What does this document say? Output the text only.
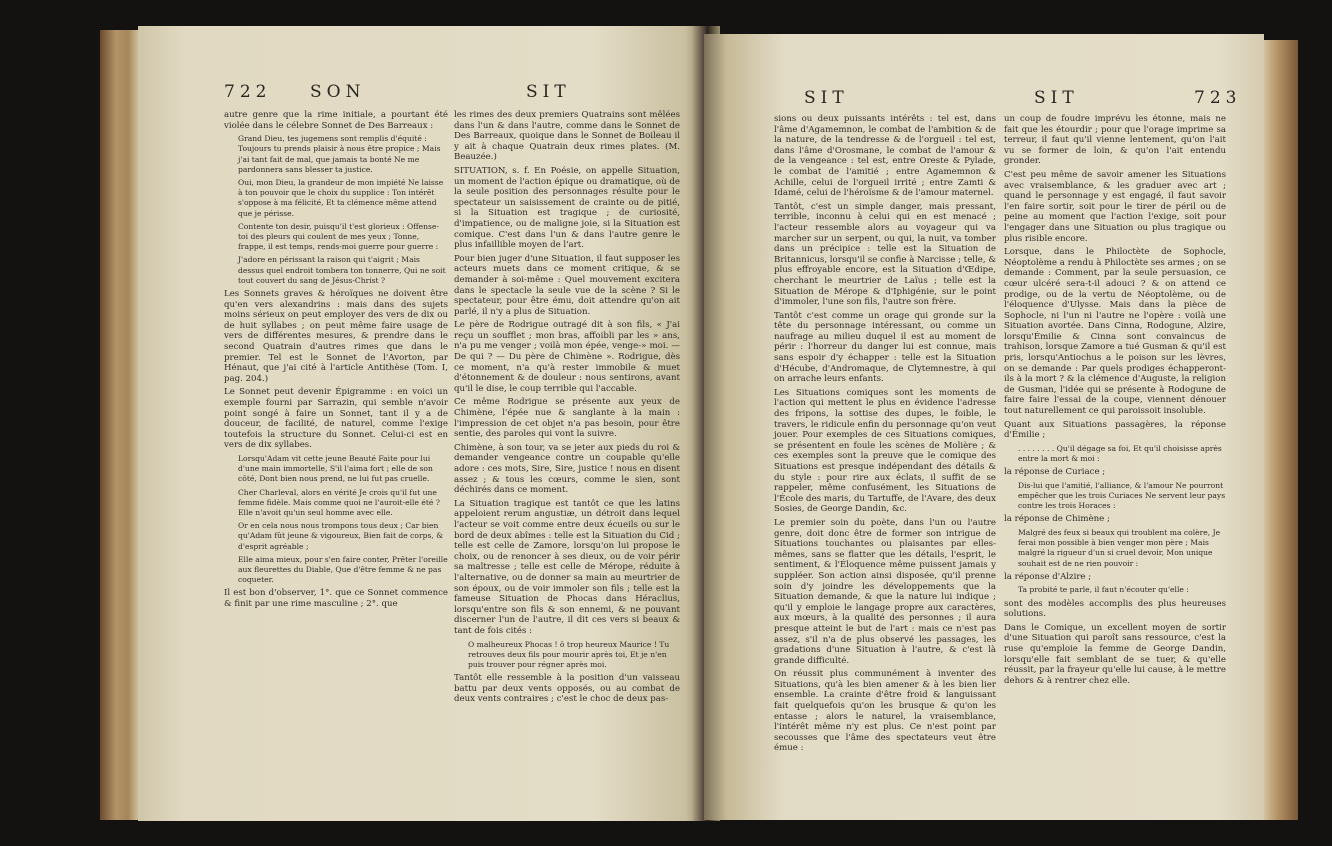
722 SON	SIT

autre genre que la rime initiale, a pourtant été violée dans le célebre Sonnet de Des Barreaux :

Grand Dieu, tes jugemens sont remplis d'équité : Toujours tu prends plaisir à nous être propice ; Mais j'ai tant fait de mal, que jamais ta bonté Ne me pardonnera sans blesser ta justice.

Oui, mon Dieu, la grandeur de mon impiété Ne laisse à ton pouvoir que le choix du supplice : Ton intérêt s'oppose à ma félicité, Et ta clémence même attend que je périsse.

Contente ton desir, puisqu'il t'est glorieux : Offense-toi des pleurs qui coulent de mes yeux ; Tonne, frappe, il est temps, rends-moi guerre pour guerre :

J'adore en périssant la raison qui t'aigrit ; Mais dessus quel endroit tombera ton tonnerre, Qui ne soit tout couvert du sang de Jésus-Christ ?

Les Sonnets graves & héroïques ne doivent être qu'en vers alexandrins : mais dans des sujets moins sérieux on peut employer des vers de dix ou de huit syllabes ; on peut même faire usage de vers de différentes mesures, & prendre dans le second Quatrain d'autres rimes que dans le premier. Tel est le Sonnet de l'Avorton, par Hénaut, que j'ai cité à l'article Antithèse (Tom. I, pag. 204.)

Le Sonnet peut devenir Épigramme : en voici un exemple fourni par Sarrazin, qui semble n'avoir point songé à faire un Sonnet, tant il y a de douceur, de facilité, de naturel, comme l'exige toutefois la structure du Sonnet. Celui-ci est en vers de dix syllabes.

Lorsqu'Adam vit cette jeune Beauté Faite pour lui d'une main immortelle, S'il l'aima fort ; elle de son côté, Dont bien nous prend, ne lui fut pas cruelle.

Cher Charleval, alors en vérité Je crois qu'il fut une femme fidèle. Mais comme quoi ne l'auroit-elle été ? Elle n'avoit qu'un seul homme avec elle.

Or en cela nous nous trompons tous deux ; Car bien qu'Adam fût jeune & vigoureux, Bien fait de corps, & d'esprit agréable ;

Elle aima mieux, pour s'en faire conter, Prêter l'oreille aux fleurettes du Diable, Que d'être femme & ne pas coqueter.

Il est bon d'observer, 1°. que ce Sonnet commence & finit par une rime masculine ; 2°. que

les rimes des deux premiers Quatrains sont mêlées dans l'un & dans l'autre, comme dans le Sonnet de Des Barreaux, quoique dans le Sonnet de Boileau il y ait à chaque Quatrain deux rimes plates. (M. Beauzée.)

SITUATION, s. f. En Poésie, on appelle Situation, un moment de l'action épique ou dramatique, où de la seule position des personnages résulte pour le spectateur un saisissement de crainte ou de pitié, si la Situation est tragique ; de curiosité, d'impatience, ou de maligne joie, si la Situation est comique. C'est dans l'un & dans l'autre genre le plus infaillible moyen de l'art.

Pour bien juger d'une Situation, il faut supposer les acteurs muets dans ce moment critique, & se demander à soi-même : Quel mouvement excitera dans le spectacle la seule vue de la scène ? Si le spectateur, pour être ému, doit attendre qu'on ait parlé, il n'y a plus de Situation.

Le père de Rodrigue outragé dit à son fils, « J'ai reçu un soufflet ; mon bras, affoibli par les » ans, n'a pu me venger ; voilà mon épée, venge-» moi. — De qui ? — Du père de Chimène ». Rodrigue, dès ce moment, n'a qu'à rester immobile & muet d'étonnement & de douleur : nous sentirons, avant qu'il le dise, le coup terrible qui l'accable.

Ce même Rodrigue se présente aux yeux de Chimène, l'épée nue & sanglante à la main : l'impression de cet objet n'a pas besoin, pour être sentie, des paroles qui vont la suivre.

Chimène, à son tour, va se jeter aux pieds du roi & demander vengeance contre un coupable qu'elle adore : ces mots, Sire, Sire, justice ! nous en disent assez ; & tous les cœurs, comme le sien, sont déchirés dans ce moment.

La Situation tragique est tantôt ce que les latins appeloient rerum angustiæ, un détroit dans lequel l'acteur se voit comme entre deux écueils ou sur le bord de deux abîmes : telle est la Situation du Cid ; telle est celle de Zamore, lorsqu'on lui propose le choix, ou de renoncer à ses dieux, ou de voir périr sa maîtresse ; telle est celle de Mérope, réduite à l'alternative, ou de donner sa main au meurtrier de son époux, ou de voir immoler son fils ; telle est la fameuse Situation de Phocas dans Héraclius, lorsqu'entre son fils & son ennemi, & ne pouvant discerner l'un de l'autre, il dit ces vers si beaux & tant de fois cités :

O malheureux Phocas ! ô trop heureux Maurice ! Tu retrouves deux fils pour mourir après toi, Et je n'en puis trouver pour régner après moi.

Tantôt elle ressemble à la position d'un vaisseau battu par deux vents opposés, ou au combat de deux vents contraires ; c'est le choc de deux pas-

SIT	SIT	723

sions ou deux puissants intérêts : tel est, dans l'âme d'Agamemnon, le combat de l'ambition & de la nature, de la tendresse & de l'orgueil : tel est, dans l'âme d'Orosmane, le combat de l'amour & de la vengeance : tel est, entre Oreste & Pylade, le combat de l'amitié ; entre Agamemnon & Achille, celui de l'orgueil irrité ; entre Zamti & Idamé, celui de l'héroïsme & de l'amour maternel.

Tantôt, c'est un simple danger, mais pressant, terrible, inconnu à celui qui en est menacé ; l'acteur ressemble alors au voyageur qui va marcher sur un serpent, ou qui, la nuit, va tomber dans un précipice : telle est la Situation de Britannicus, lorsqu'il se confie à Narcisse ; telle, & plus effroyable encore, est la Situation d'Œdipe, cherchant le meurtrier de Laïus ; telle est la Situation de Mérope & d'Iphigénie, sur le point d'immoler, l'une son fils, l'autre son frère.

Tantôt c'est comme un orage qui gronde sur la tête du personnage intéressant, ou comme un naufrage au milieu duquel il est au moment de périr : l'horreur du danger lui est connue, mais sans espoir d'y échapper : telle est la Situation d'Hécube, d'Andromaque, de Clytemnestre, à qui on arrache leurs enfants.

Les Situations comiques sont les moments de l'action qui mettent le plus en évidence l'adresse des fripons, la sottise des dupes, le foible, le travers, le ridicule enfin du personnage qu'on veut jouer. Pour exemples de ces Situations comiques, se présentent en foule les scènes de Molière ; & ces exemples sont la preuve que le comique des Situations est presque indépendant des détails & du style : pour rire aux éclats, il suffit de se rappeler, même confusément, les Situations de l'École des maris, du Tartuffe, de l'Avare, des deux Sosies, de George Dandin, &c.

Le premier soin du poète, dans l'un ou l'autre genre, doit donc être de former son intrigue de Situations touchantes ou plaisantes par elles-mêmes, sans se flatter que les détails, l'esprit, le sentiment, & l'Éloquence même puissent jamais y suppléer. Son action ainsi disposée, qu'il prenne soin d'y joindre les développements que la Situation demande, & que la nature lui indique ; qu'il y emploie le langage propre aux caractères, aux mœurs, à la qualité des personnes ; il aura presque atteint le but de l'art : mais ce n'est pas assez, s'il n'a de plus observé les passages, les gradations d'une Situation à l'autre, & c'est là grande difficulté.

On réussit plus communément à inventer des Situations, qu'à les bien amener & à les bien lier ensemble. La crainte d'être froid & languissant fait quelquefois qu'on les brusque & qu'on les entasse ; alors le naturel, la vraisemblance, l'intérêt même n'y est plus. Ce n'est point par secousses que l'âme des spectateurs veut être émue :

un coup de foudre imprévu les étonne, mais ne fait que les étourdir ; pour que l'orage imprime sa terreur, il faut qu'il vienne lentement, qu'on l'ait vu se former de loin, & qu'on l'ait entendu gronder.

C'est peu même de savoir amener les Situations avec vraisemblance, & les graduer avec art ; quand le personnage y est engagé, il faut savoir l'en faire sortir, soit pour le tirer de péril ou de peine au moment que l'action l'exige, soit pour l'engager dans une Situation ou plus tragique ou plus risible encore.

Lorsque, dans le Philoctète de Sophocle, Néoptolème a rendu à Philoctète ses armes ; on se demande : Comment, par la seule persuasion, ce cœur ulcéré sera-t-il adouci ? & on attend ce prodige, ou de la vertu de Néoptolème, ou de l'éloquence d'Ulysse. Mais dans la pièce de Sophocle, ni l'un ni l'autre ne l'opère : voilà une Situation avortée. Dans Cinna, Rodogune, Alzire, lorsqu'Émilie & Cinna sont convaincus de trahison, lorsque Zamore a tué Gusman & qu'il est pris, lorsqu'Antiochus a le poison sur les lèvres, on se demande : Par quels prodiges échapperont-ils à la mort ? & la clémence d'Auguste, la religion de Gusman, l'idée qui se présente à Rodogune de faire faire l'essai de la coupe, viennent dénouer tout naturellement ce qui paroissoit insoluble.

Quant aux Situations passagères, la réponse d'Émilie ;

. . . . . . . . Qu'il dégage sa foi, Et qu'il choisisse après entre la mort & moi :

la réponse de Curiace ;

Dis-lui que l'amitié, l'alliance, & l'amour Ne pourront empêcher que les trois Curiaces Ne servent leur pays contre les trois Horaces :

la réponse de Chimène ;

Malgré des feux si beaux qui troublent ma colère, Je ferai mon possible à bien venger mon père ; Mais malgré la rigueur d'un si cruel devoir, Mon unique souhait est de ne rien pouvoir :

la réponse d'Alzire ;

Ta probité te parle, il faut n'écouter qu'elle :

sont des modèles accomplis des plus heureuses solutions.

Dans le Comique, un excellent moyen de sortir d'une Situation qui paroît sans ressource, c'est la ruse qu'emploie la femme de George Dandin, lorsqu'elle fait semblant de se tuer, & qu'elle réussit, par la frayeur qu'elle lui cause, à le mettre dehors & à rentrer chez elle.
